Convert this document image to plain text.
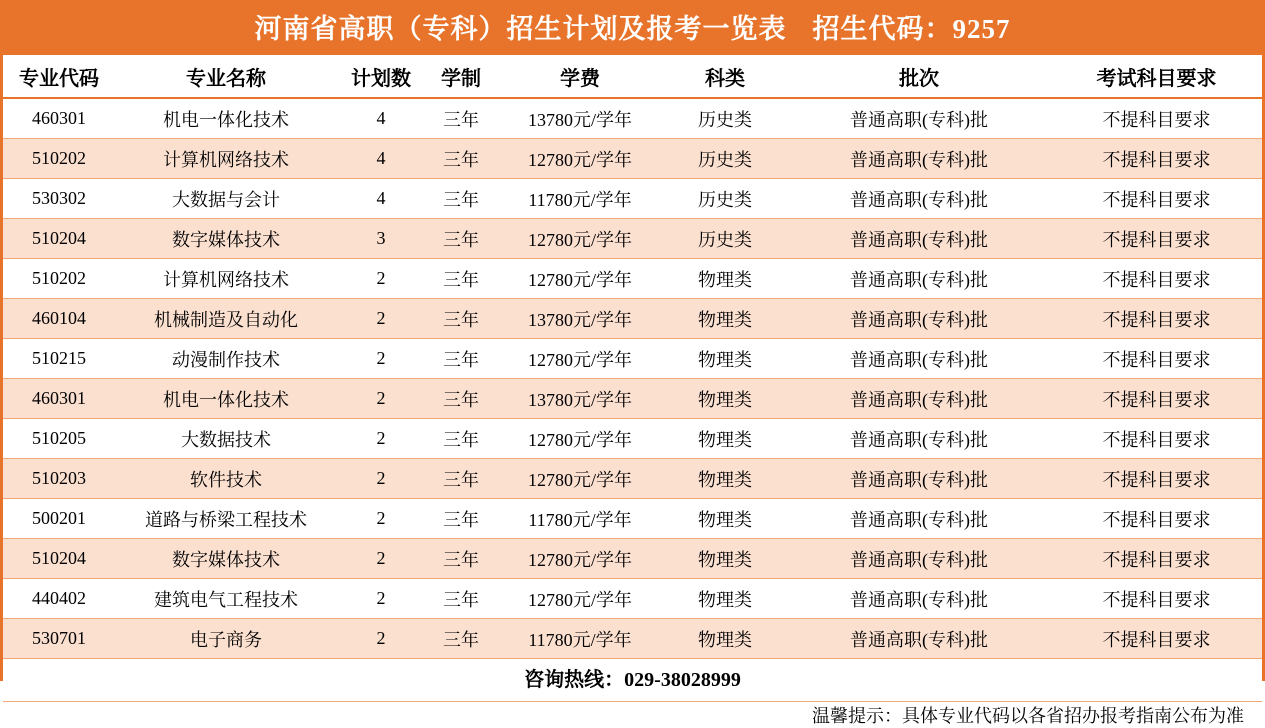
河南省高职（专科）招生计划及报考一览表 招生代码：9257
专业代码	专业名称	计划数	学制	学费	科类	批次	考试科目要求
460301	机电一体化技术	4	三年	13780元/学年	历史类	普通高职(专科)批	不提科目要求
510202	计算机网络技术	4	三年	12780元/学年	历史类	普通高职(专科)批	不提科目要求
530302	大数据与会计	4	三年	11780元/学年	历史类	普通高职(专科)批	不提科目要求
510204	数字媒体技术	3	三年	12780元/学年	历史类	普通高职(专科)批	不提科目要求
510202	计算机网络技术	2	三年	12780元/学年	物理类	普通高职(专科)批	不提科目要求
460104	机械制造及自动化	2	三年	13780元/学年	物理类	普通高职(专科)批	不提科目要求
510215	动漫制作技术	2	三年	12780元/学年	物理类	普通高职(专科)批	不提科目要求
460301	机电一体化技术	2	三年	13780元/学年	物理类	普通高职(专科)批	不提科目要求
510205	大数据技术	2	三年	12780元/学年	物理类	普通高职(专科)批	不提科目要求
510203	软件技术	2	三年	12780元/学年	物理类	普通高职(专科)批	不提科目要求
500201	道路与桥梁工程技术	2	三年	11780元/学年	物理类	普通高职(专科)批	不提科目要求
510204	数字媒体技术	2	三年	12780元/学年	物理类	普通高职(专科)批	不提科目要求
440402	建筑电气工程技术	2	三年	12780元/学年	物理类	普通高职(专科)批	不提科目要求
530701	电子商务	2	三年	11780元/学年	物理类	普通高职(专科)批	不提科目要求
咨询热线：029-38028999
温馨提示：具体专业代码以各省招办报考指南公布为准
